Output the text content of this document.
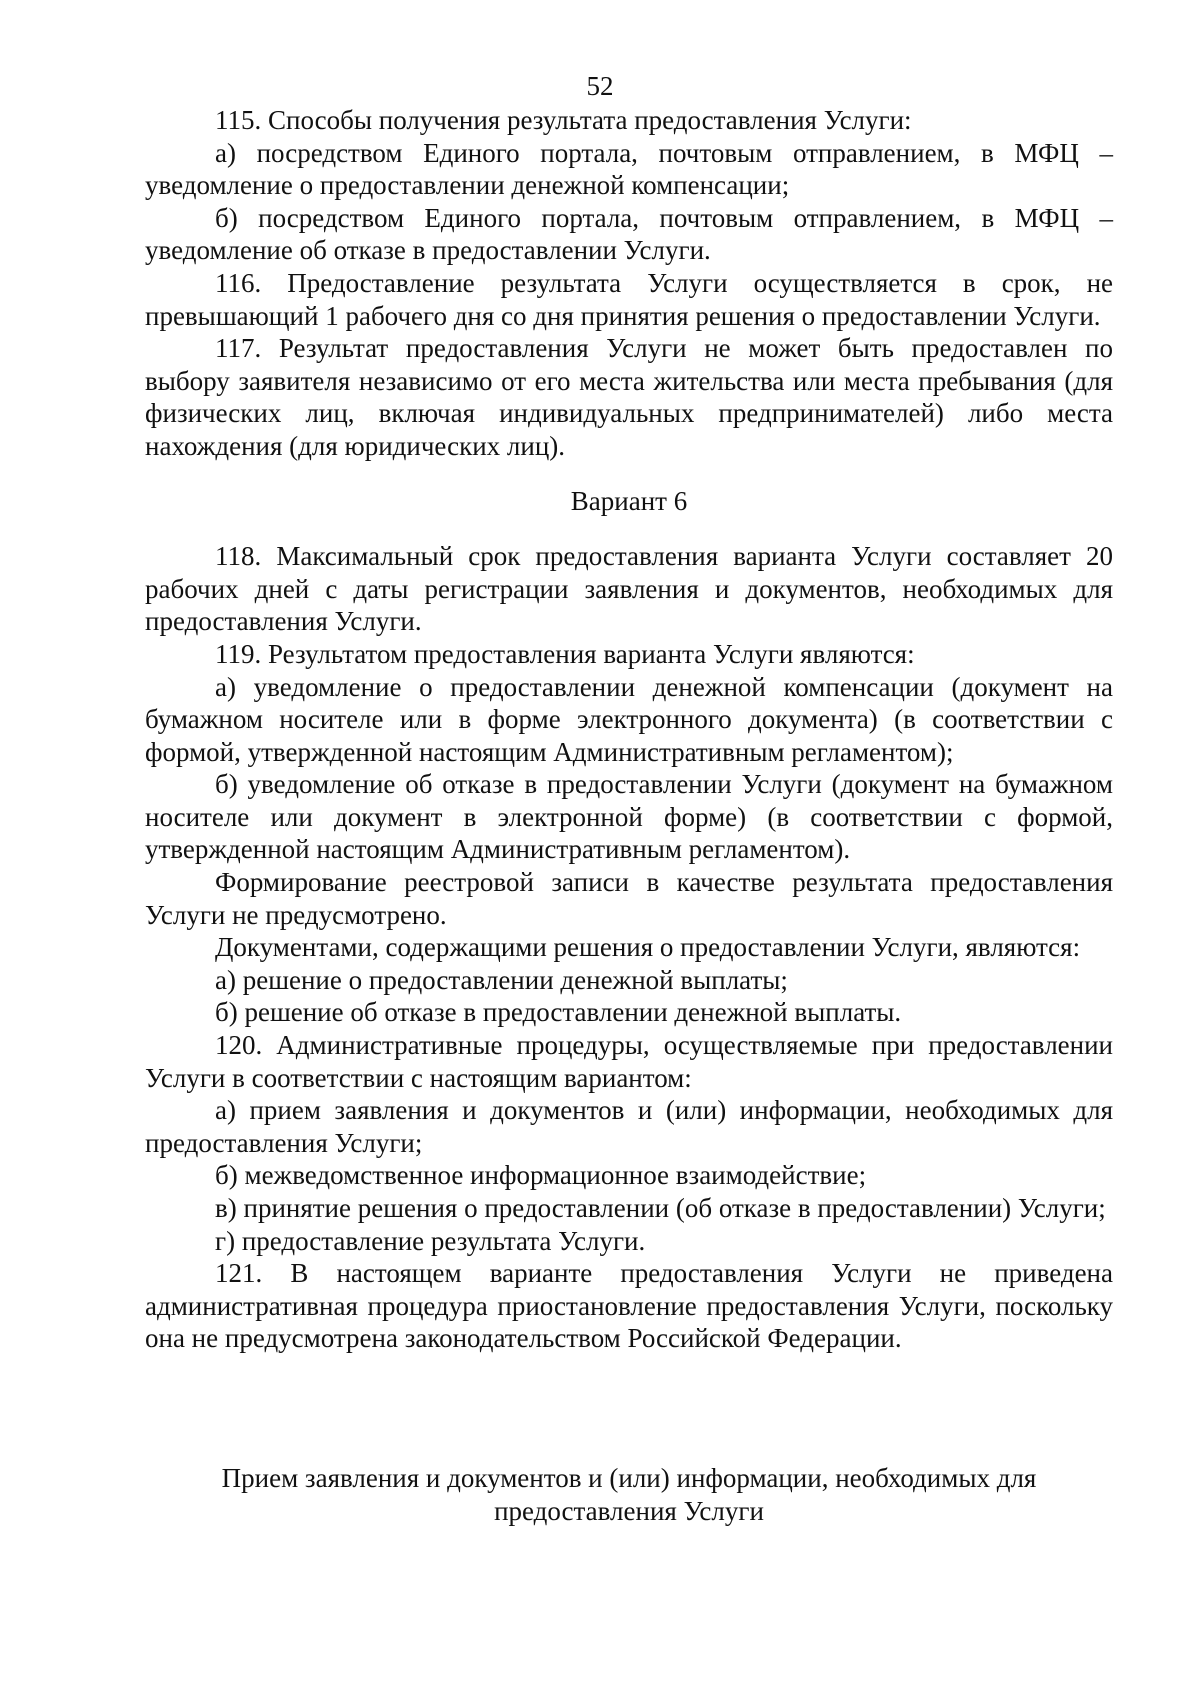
52

115. Способы получения результата предоставления Услуги:

а) посредством Единого портала, почтовым отправлением, в МФЦ – уведомление о предоставлении денежной компенсации;

б) посредством Единого портала, почтовым отправлением, в МФЦ – уведомление об отказе в предоставлении Услуги.

116. Предоставление результата Услуги осуществляется в срок, не превышающий 1 рабочего дня со дня принятия решения о предоставлении Услуги.

117. Результат предоставления Услуги не может быть предоставлен по выбору заявителя независимо от его места жительства или места пребывания (для физических лиц, включая индивидуальных предпринимателей) либо места нахождения (для юридических лиц).

Вариант 6

118. Максимальный срок предоставления варианта Услуги составляет 20 рабочих дней с даты регистрации заявления и документов, необходимых для предоставления Услуги.

119. Результатом предоставления варианта Услуги являются:

а) уведомление о предоставлении денежной компенсации (документ на бумажном носителе или в форме электронного документа) (в соответствии с формой, утвержденной настоящим Административным регламентом);

б) уведомление об отказе в предоставлении Услуги (документ на бумажном носителе или документ в электронной форме) (в соответствии с формой, утвержденной настоящим Административным регламентом).

Формирование реестровой записи в качестве результата предоставления Услуги не предусмотрено.

Документами, содержащими решения о предоставлении Услуги, являются:

а) решение о предоставлении денежной выплаты;

б) решение об отказе в предоставлении денежной выплаты.

120. Административные процедуры, осуществляемые при предоставлении Услуги в соответствии с настоящим вариантом:

а) прием заявления и документов и (или) информации, необходимых для предоставления Услуги;

б) межведомственное информационное взаимодействие;

в) принятие решения о предоставлении (об отказе в предоставлении) Услуги;

г) предоставление результата Услуги.

121. В настоящем варианте предоставления Услуги не приведена административная процедура приостановление предоставления Услуги, поскольку она не предусмотрена законодательством Российской Федерации.

Прием заявления и документов и (или) информации, необходимых для
предоставления Услуги
